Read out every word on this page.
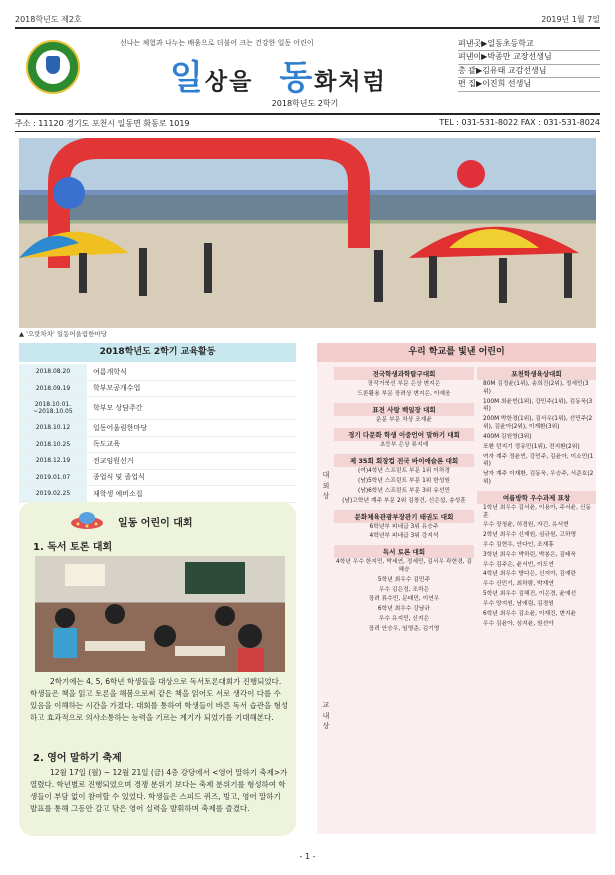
2018학년도 제2호	2019년 1월 7일
선나는 체험과 나누는 배움으로 더불어 크는 건강한 일동 어린이
일상을 동화처럼
2018학년도 2학기
펴낸곳▶일동초등학교
펴낸이▶박종만 교장선생님
총 괄▶김유태 교감선생님
편 집▶이진희 선생님
주소 : 11120 경기도 포천시 일동면 화동로 1019	TEL : 031-531-8022 FAX : 031-531-8024
▲ '으랏차차' 일동어울림한마당
2018학년도 2학기 교육활동
2018.08.20	여름개학식
2018.09.19	학부모공개수업
2018.10.01.
~2018.10.05	학부모 상담주간
2018.10.12	일동어울림한마당
2018.10.25	독도교육
2018.12.19	전교임원선거
2019.01.07	종업식 및 졸업식
2019.02.25	재학생 예비소집
일동 어린이 대회
1. 독서 토론 대회
2학기에는 4, 5, 6학년 학생들을 대상으로 독서토론대회가 진행되었다. 학생들은 책을 읽고 토론을 해봄으로써 같은 책을 읽어도 서로 생각이 다를 수 있음을 이해하는 시간을 가졌다. 대회를 통하여 학생들이 바른 독서 습관을 형성하고 효과적으로 의사소통하는 능력을 기르는 계기가 되었기를 기대해본다.
2. 영어 말하기 축제
12월 17일 (월) ~ 12월 21일 (금) 4층 강당에서 <영어 말하기 축제>가 열렸다. 학년별로 진행되었으며 경쟁 분위기 보다는 축제 분위기를 형성하여 학생들이 부담 없이 참여할 수 있었다. 학생들은 스피드 퀴즈, 빙고, 영어 말하기 발표를 통해 그동안 갈고 닦은 영어 실력을 발휘하며 축제를 즐겼다.
우리 학교를 빛낸 어린이
대
외
상
교
내
상
전국학생과학탐구대회
장작거북선 부문 은상 변지은
드론활용 부문 장려상 변지은, 이예웅
표전 사랑 백일장 대회
운문 부문 차상 조재윤
경기 다문화 학생 이중언어 말하기 대회
초등부 은상 류지예
제 35회 회장컵 전국 바이애슬론 대회
(여)4학년 스프린트 부문 1위 이하경
(남)5학년 스프린트 부문 1위 한성원
(남)6학년 스프린트 부문 3위 유선민
(남)고학년 계주 부문 2위 김창건, 신은섭, 송성훈
문화체육관광부장관기 태권도 대회
6학년부 피네급 3위 유승주
4학년부 피네급 3위 강지석
독서 토론 대회
4학년 우수 한지민, 박세연, 정세민, 김서우 곽현경, 김혜승
5학년 최우수 김민주
우수 김은정, 조하은
장려 류수민, 문태민, 이연우
6학년 최우수 강남규
우수 유지민, 신지은
장려 안승우, 임영준, 김기영
포천학생육상대회
80M 김정윤(1위), 송희진(2위), 정세민(3위)
100M 최윤빈(1위), 강민주(1위), 김동욱(3위)
200M 박한경(1위), 김서우(1위), 선민주(2위), 김윤아(2위), 이재환(3위)
400M 김원영(3위)
포환 던지기 정유민(1위), 전지환(2위)
여자 계주 정윤빈, 강민주, 김윤아, 이소민(1위)
남자 계주 이재환, 김동욱, 우승주, 서준호(2위)
여름방학 우수과제 표창
1학년 최우수 김서윤, 이용아, 주서윤, 신동훈
우수 장청윤, 허경원, 자긴, 유서현
2학년 최우수 신재원, 심규원, 고하영
우수 김현우, 안다인, 조재휴
3학년 최우수 박하린, 박봉은, 김태욱
우수 김주은, 윤서빈, 이도연
4학년 최우수 방다은, 신지아, 김예란
우수 신민기, 최하람, 박재연
5학년 최우수 김해진, 이은경, 윤예선
우수 양지원, 남예림, 김경원
6학년 최우수 김소윤, 이재진, 변지윤
우수 김윤아, 심지윤, 원선아
- 1 -
